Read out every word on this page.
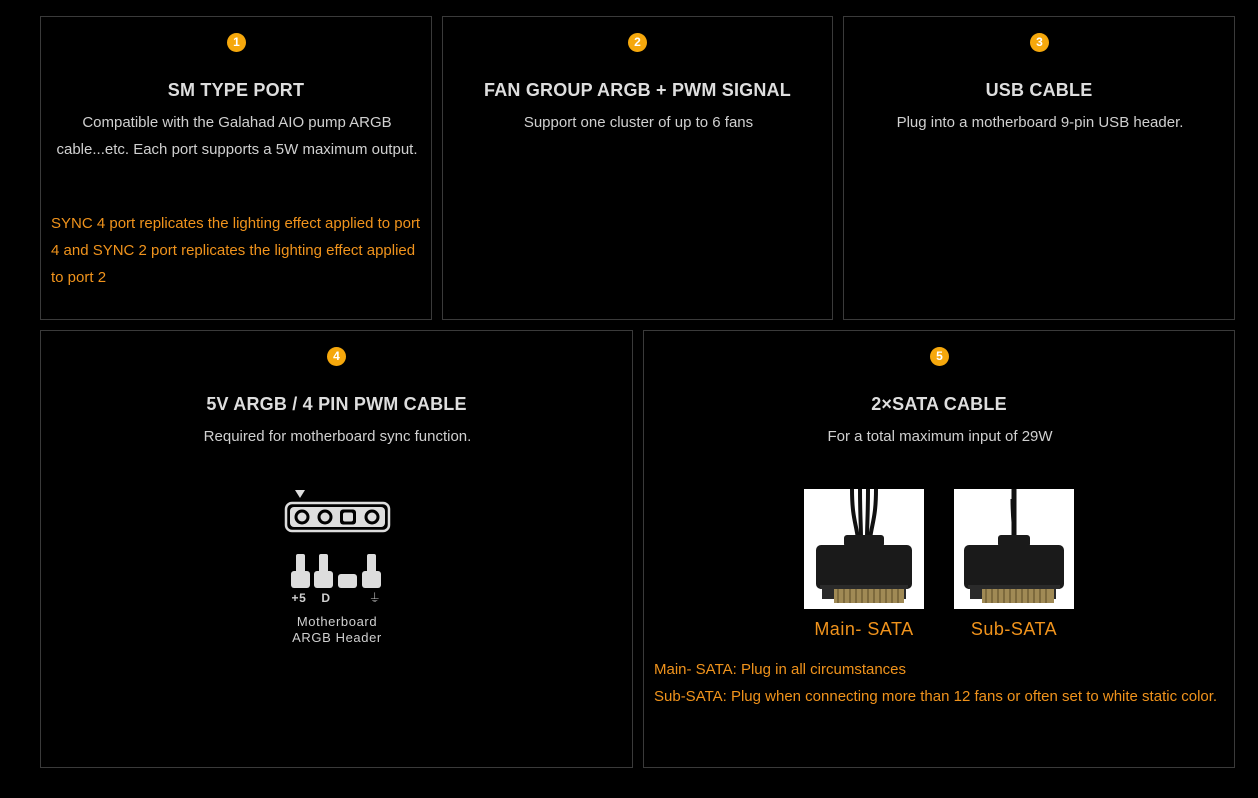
1
SM TYPE PORT
Compatible with the Galahad AIO pump ARGB cable...etc. Each port supports a 5W maximum output.
SYNC 4 port replicates the lighting effect applied to port 4 and SYNC 2 port replicates the lighting effect applied to port 2
2
FAN GROUP ARGB + PWM SIGNAL
Support one cluster of up to 6 fans
3
USB CABLE
Plug into a motherboard 9-pin USB header.
4
5V ARGB / 4 PIN PWM CABLE
Required for motherboard sync function.
+5	D	⏚
Motherboard
ARGB Header
5
2×SATA CABLE
For a total maximum input of 29W
Main- SATA	Sub-SATA
Main- SATA: Plug in all circumstances
Sub-SATA: Plug when connecting more than 12 fans or often set to white static color.
